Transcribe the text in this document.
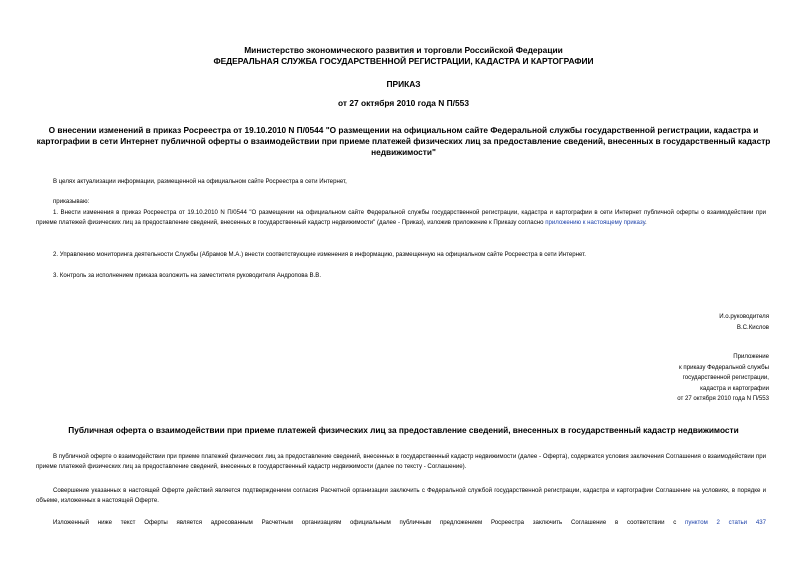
Министерство экономического развития и торговли Российской Федерации
ФЕДЕРАЛЬНАЯ СЛУЖБА ГОСУДАРСТВЕННОЙ РЕГИСТРАЦИИ, КАДАСТРА И КАРТОГРАФИИ
ПРИКАЗ
от 27 октября 2010 года N П/553
О внесении изменений в приказ Росреестра от 19.10.2010 N П/0544 "О размещении на официальном сайте Федеральной службы государственной регистрации, кадастра и картографии в сети Интернет публичной оферты о взаимодействии при приеме платежей физических лиц за предоставление сведений, внесенных в государственный кадастр недвижимости"
В целях актуализации информации, размещенной на официальном сайте Росреестра в сети Интернет,
приказываю:
1. Внести изменения в приказ Росреестра от 19.10.2010 N П/0544 "О размещении на официальном сайте Федеральной службы государственной регистрации, кадастра и картографии в сети Интернет публичной оферты о взаимодействии при приеме платежей физических лиц за предоставление сведений, внесенных в государственный кадастр недвижимости" (далее - Приказ), изложив приложение к Приказу согласно приложению к настоящему приказу.
2. Управлению мониторинга деятельности Службы (Абрамов М.А.) внести соответствующие изменения в информацию, размещенную на официальном сайте Росреестра в сети Интернет.
3. Контроль за исполнением приказа возложить на заместителя руководителя Андропова В.В.
И.о.руководителя
В.С.Кислов
Приложение
к приказу Федеральной службы
государственной регистрации,
кадастра и картографии
от 27 октября 2010 года N П/553
Публичная оферта о взаимодействии при приеме платежей физических лиц за предоставление сведений, внесенных в государственный кадастр недвижимости
В публичной оферте о взаимодействии при приеме платежей физических лиц за предоставление сведений, внесенных в государственный кадастр недвижимости (далее - Оферта), содержатся условия заключения Соглашения о взаимодействии при приеме платежей физических лиц за предоставление сведений, внесенных в государственный кадастр недвижимости (далее по тексту - Соглашение).
Совершение указанных в настоящей Оферте действий является подтверждением согласия Расчетной организации заключить с Федеральной службой государственной регистрации, кадастра и картографии Соглашение на условиях, в порядке и объеме, изложенных в настоящей Оферте.
Изложенный ниже текст Оферты является адресованным Расчетным организациям официальным публичным предложением Росреестра заключить Соглашение в соответствии с пунктом 2 статьи 437
